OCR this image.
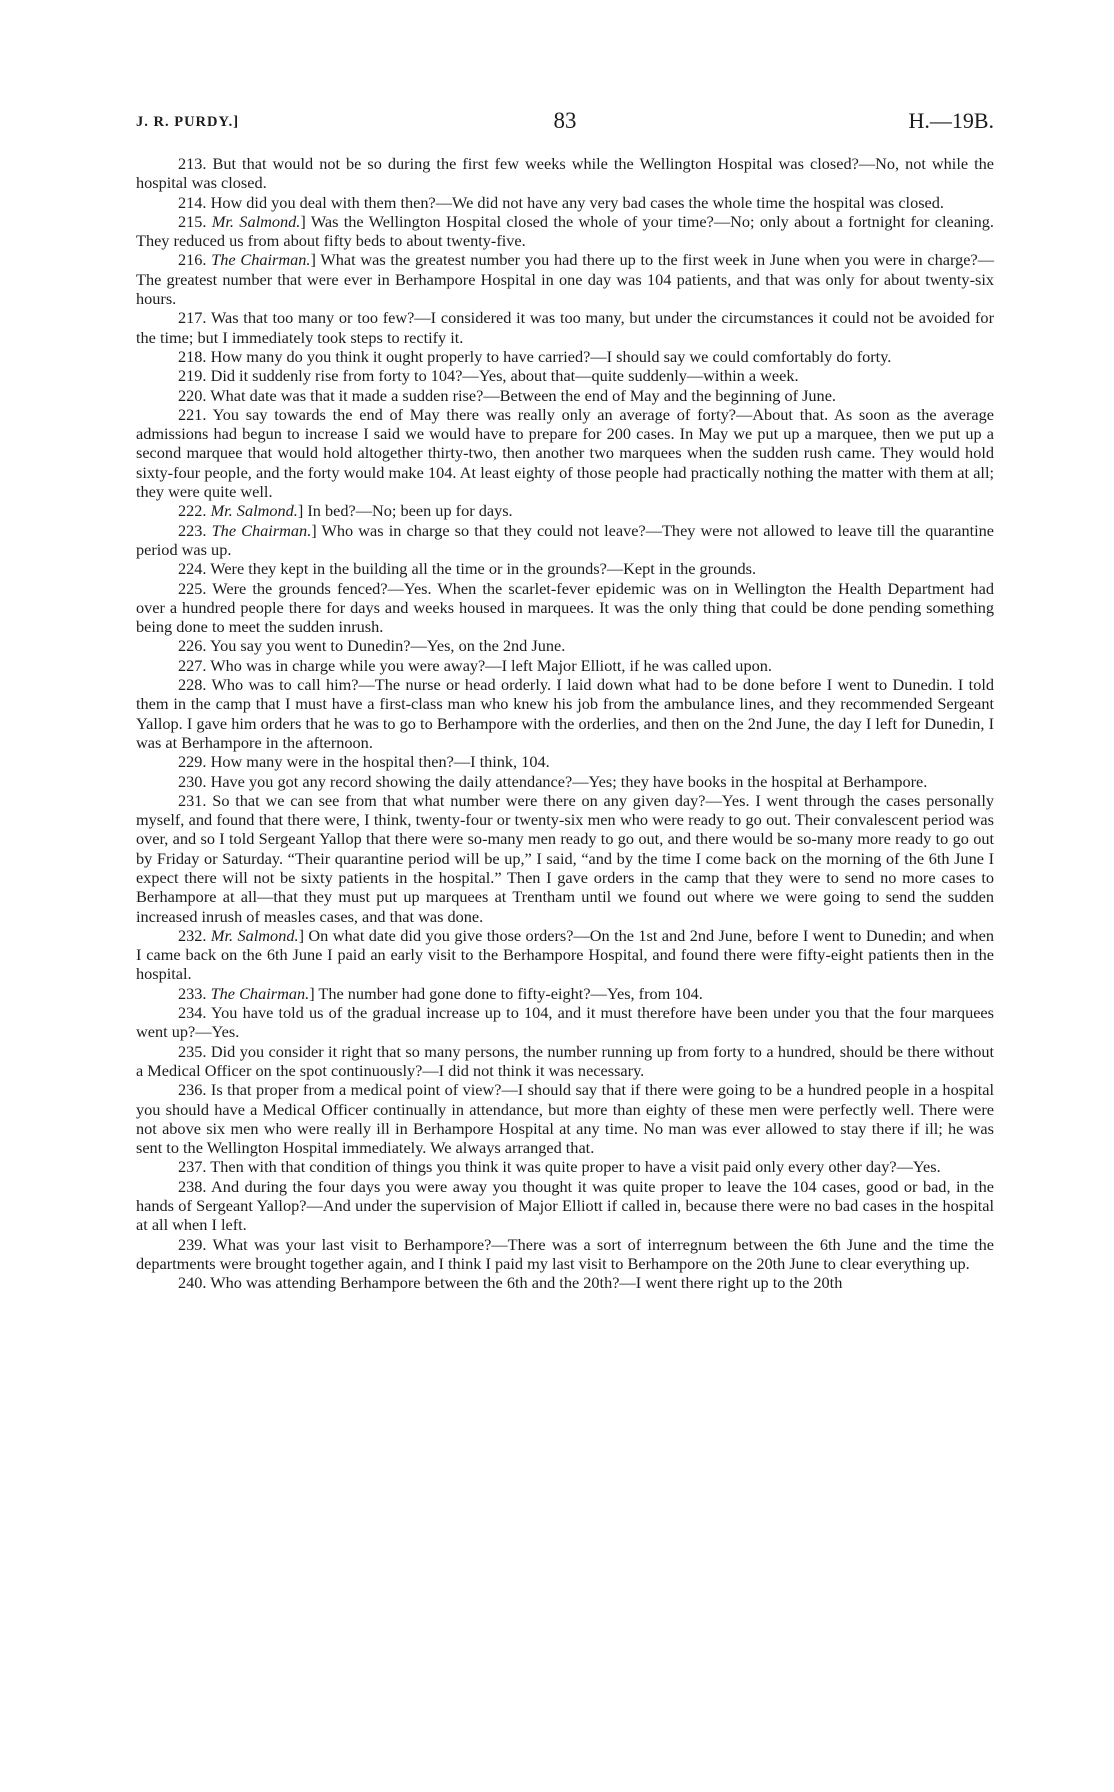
J. R. PURDY.]	83	H.—19B.

213. But that would not be so during the first few weeks while the Wellington Hospital was closed?—No, not while the hospital was closed.

214. How did you deal with them then?—We did not have any very bad cases the whole time the hospital was closed.

215. Mr. Salmond.] Was the Wellington Hospital closed the whole of your time?—No; only about a fortnight for cleaning. They reduced us from about fifty beds to about twenty-five.

216. The Chairman.] What was the greatest number you had there up to the first week in June when you were in charge?—The greatest number that were ever in Berhampore Hospital in one day was 104 patients, and that was only for about twenty-six hours.

217. Was that too many or too few?—I considered it was too many, but under the circumstances it could not be avoided for the time; but I immediately took steps to rectify it.

218. How many do you think it ought properly to have carried?—I should say we could comfortably do forty.

219. Did it suddenly rise from forty to 104?—Yes, about that—quite suddenly—within a week.

220. What date was that it made a sudden rise?—Between the end of May and the beginning of June.

221. You say towards the end of May there was really only an average of forty?—About that. As soon as the average admissions had begun to increase I said we would have to prepare for 200 cases. In May we put up a marquee, then we put up a second marquee that would hold altogether thirty-two, then another two marquees when the sudden rush came. They would hold sixty-four people, and the forty would make 104. At least eighty of those people had practically nothing the matter with them at all; they were quite well.

222. Mr. Salmond.] In bed?—No; been up for days.

223. The Chairman.] Who was in charge so that they could not leave?—They were not allowed to leave till the quarantine period was up.

224. Were they kept in the building all the time or in the grounds?—Kept in the grounds.

225. Were the grounds fenced?—Yes. When the scarlet-fever epidemic was on in Wellington the Health Department had over a hundred people there for days and weeks housed in marquees. It was the only thing that could be done pending something being done to meet the sudden inrush.

226. You say you went to Dunedin?—Yes, on the 2nd June.

227. Who was in charge while you were away?—I left Major Elliott, if he was called upon.

228. Who was to call him?—The nurse or head orderly. I laid down what had to be done before I went to Dunedin. I told them in the camp that I must have a first-class man who knew his job from the ambulance lines, and they recommended Sergeant Yallop. I gave him orders that he was to go to Berhampore with the orderlies, and then on the 2nd June, the day I left for Dunedin, I was at Berhampore in the afternoon.

229. How many were in the hospital then?—I think, 104.

230. Have you got any record showing the daily attendance?—Yes; they have books in the hospital at Berhampore.

231. So that we can see from that what number were there on any given day?—Yes. I went through the cases personally myself, and found that there were, I think, twenty-four or twenty-six men who were ready to go out. Their convalescent period was over, and so I told Sergeant Yallop that there were so-many men ready to go out, and there would be so-many more ready to go out by Friday or Saturday. “Their quarantine period will be up,” I said, “and by the time I come back on the morning of the 6th June I expect there will not be sixty patients in the hospital.” Then I gave orders in the camp that they were to send no more cases to Berhampore at all—that they must put up marquees at Trentham until we found out where we were going to send the sudden increased inrush of measles cases, and that was done.

232. Mr. Salmond.] On what date did you give those orders?—On the 1st and 2nd June, before I went to Dunedin; and when I came back on the 6th June I paid an early visit to the Berhampore Hospital, and found there were fifty-eight patients then in the hospital.

233. The Chairman.] The number had gone done to fifty-eight?—Yes, from 104.

234. You have told us of the gradual increase up to 104, and it must therefore have been under you that the four marquees went up?—Yes.

235. Did you consider it right that so many persons, the number running up from forty to a hundred, should be there without a Medical Officer on the spot continuously?—I did not think it was necessary.

236. Is that proper from a medical point of view?—I should say that if there were going to be a hundred people in a hospital you should have a Medical Officer continually in attendance, but more than eighty of these men were perfectly well. There were not above six men who were really ill in Berhampore Hospital at any time. No man was ever allowed to stay there if ill; he was sent to the Wellington Hospital immediately. We always arranged that.

237. Then with that condition of things you think it was quite proper to have a visit paid only every other day?—Yes.

238. And during the four days you were away you thought it was quite proper to leave the 104 cases, good or bad, in the hands of Sergeant Yallop?—And under the supervision of Major Elliott if called in, because there were no bad cases in the hospital at all when I left.

239. What was your last visit to Berhampore?—There was a sort of interregnum between the 6th June and the time the departments were brought together again, and I think I paid my last visit to Berhampore on the 20th June to clear everything up.

240. Who was attending Berhampore between the 6th and the 20th?—I went there right up to the 20th
